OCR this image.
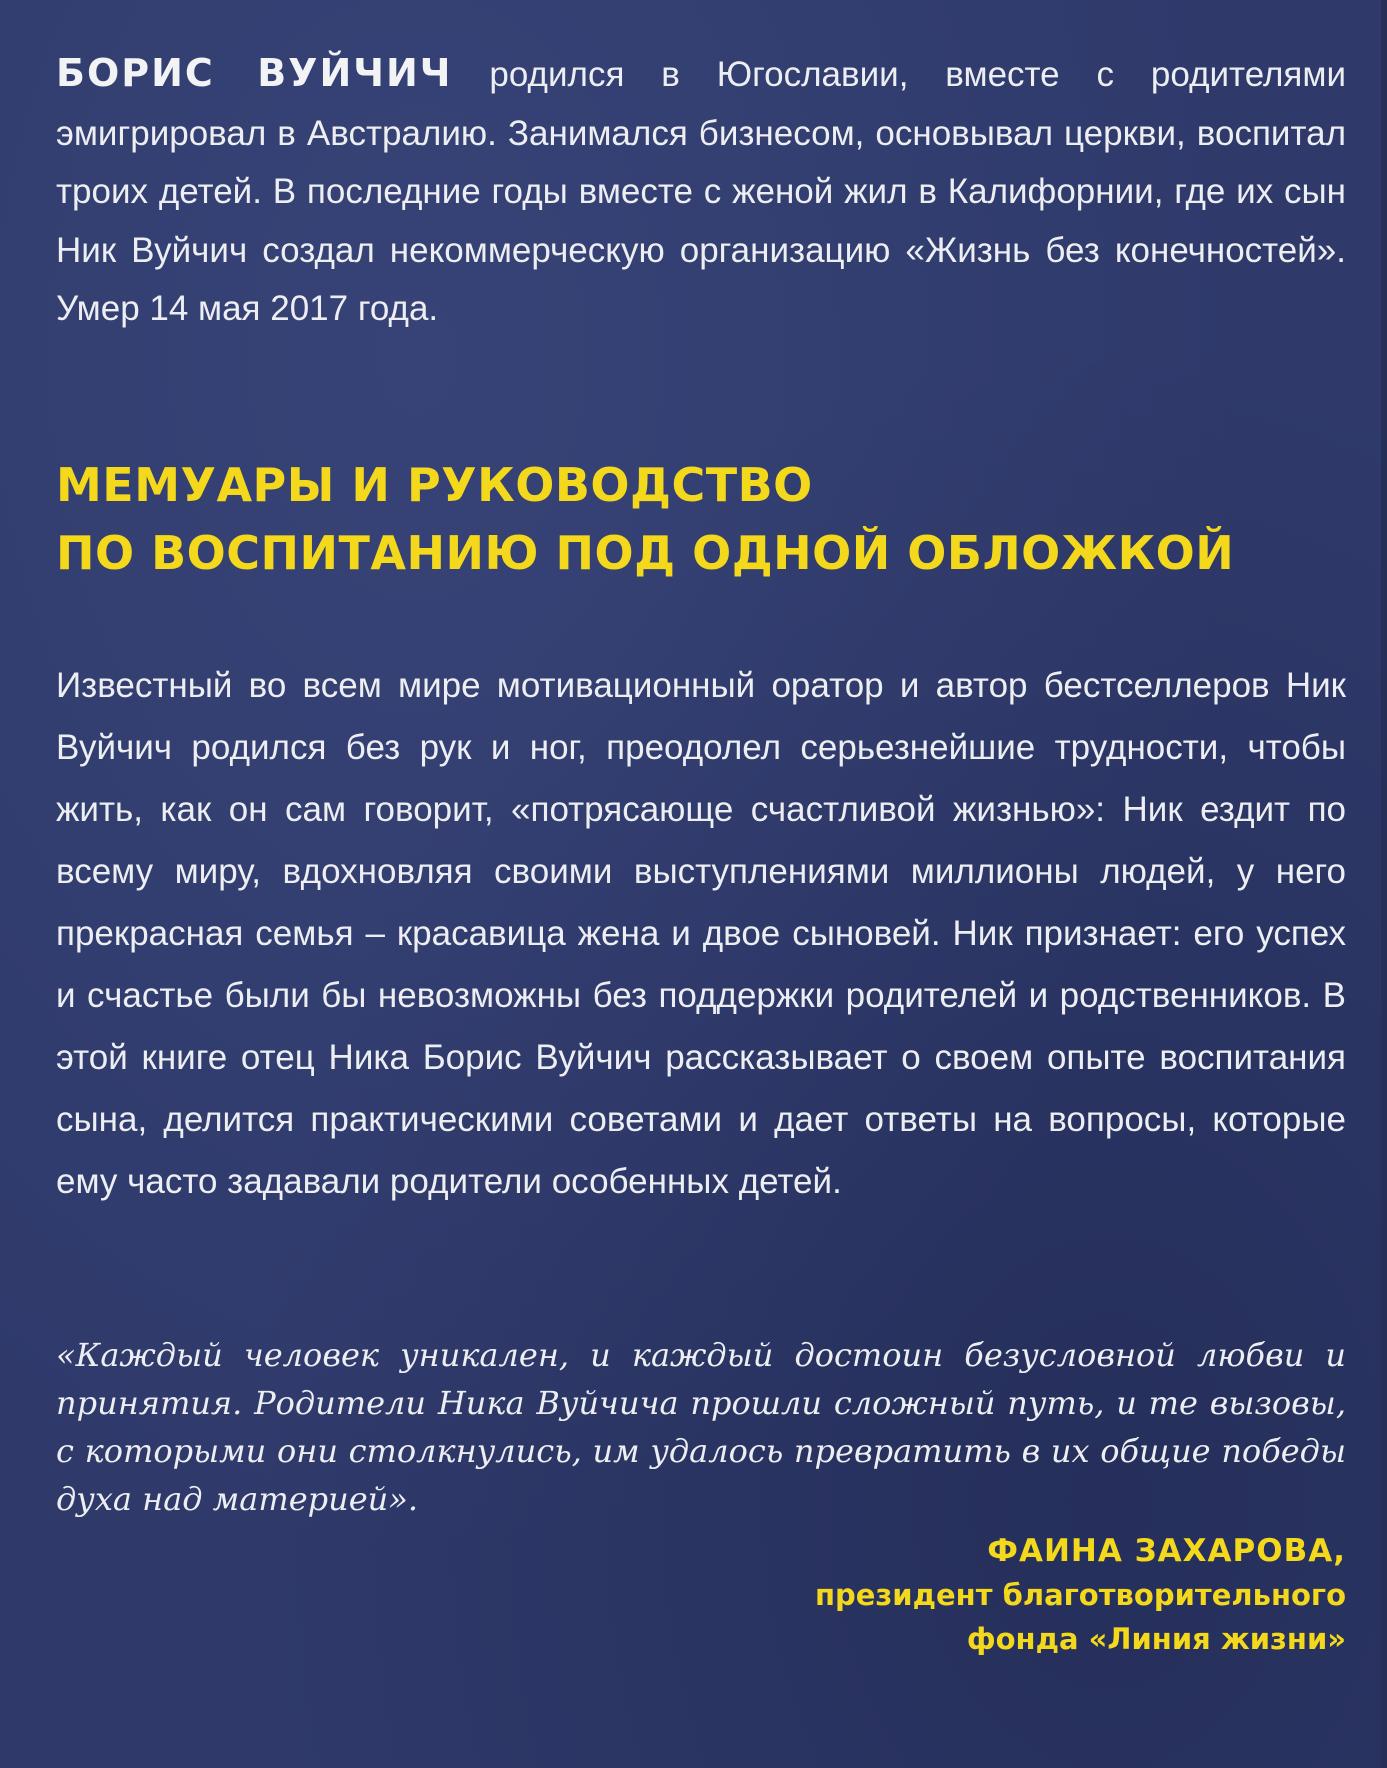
БОРИС ВУЙЧИЧ родился в Югославии, вместе с родителями эмигрировал в Австралию. Занимался бизнесом, основывал церкви, воспитал троих детей. В последние годы вместе с женой жил в Калифорнии, где их сын Ник Вуйчич создал некоммерческую организацию «Жизнь без конечностей». Умер 14 мая 2017 года.

МЕМУАРЫ И РУКОВОДСТВО
ПО ВОСПИТАНИЮ ПОД ОДНОЙ ОБЛОЖКОЙ

Известный во всем мире мотивационный оратор и автор бестселлеров Ник Вуйчич родился без рук и ног, преодолел серьезнейшие трудности, чтобы жить, как он сам говорит, «потрясающе счастливой жизнью»: Ник ездит по всему миру, вдохновляя своими выступлениями миллионы людей, у него прекрасная семья – красавица жена и двое сыновей. Ник признает: его успех и счастье были бы невозможны без поддержки родителей и родственников. В этой книге отец Ника Борис Вуйчич рассказывает о своем опыте воспитания сына, делится практическими советами и дает ответы на вопросы, которые ему часто задавали родители особенных детей.

«Каждый человек уникален, и каждый достоин безусловной любви и принятия. Родители Ника Вуйчича прошли сложный путь, и те вызовы, с которыми они столкнулись, им удалось превратить в их общие победы духа над материей».

ФАИНА ЗАХАРОВА,
президент благотворительного
фонда «Линия жизни»
